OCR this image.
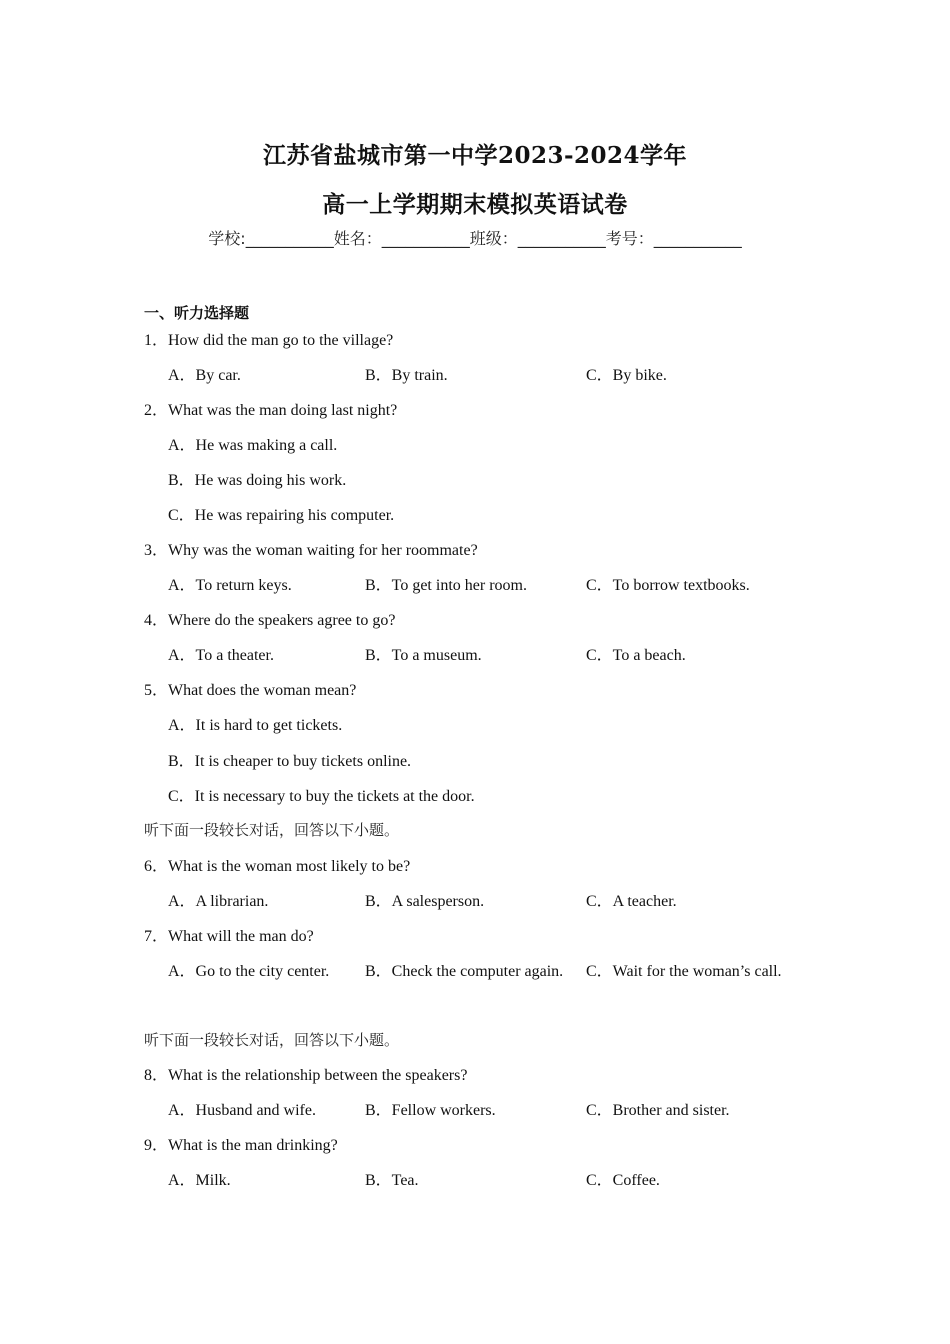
江苏省盐城市第一中学2023-2024学年
高一上学期期末模拟英语试卷
学校:___________姓名：___________班级：___________考号：___________
一、听力选择题
1．How did the man go to the village?
A．By car.	B．By train.	C．By bike.
2．What was the man doing last night?
A．He was making a call.
B．He was doing his work.
C．He was repairing his computer.
3．Why was the woman waiting for her roommate?
A．To return keys.	B．To get into her room.	C．To borrow textbooks.
4．Where do the speakers agree to go?
A．To a theater.	B．To a museum.	C．To a beach.
5．What does the woman mean?
A．It is hard to get tickets.
B．It is cheaper to buy tickets online.
C．It is necessary to buy the tickets at the door.
听下面一段较长对话，回答以下小题。
6．What is the woman most likely to be?
A．A librarian.	B．A salesperson.	C．A teacher.
7．What will the man do?
A．Go to the city center. B．Check the computer again. C．Wait for the woman’s call.
听下面一段较长对话，回答以下小题。
8．What is the relationship between the speakers?
A．Husband and wife.	B．Fellow workers.	C．Brother and sister.
9．What is the man drinking?
A．Milk.	B．Tea.	C．Coffee.
